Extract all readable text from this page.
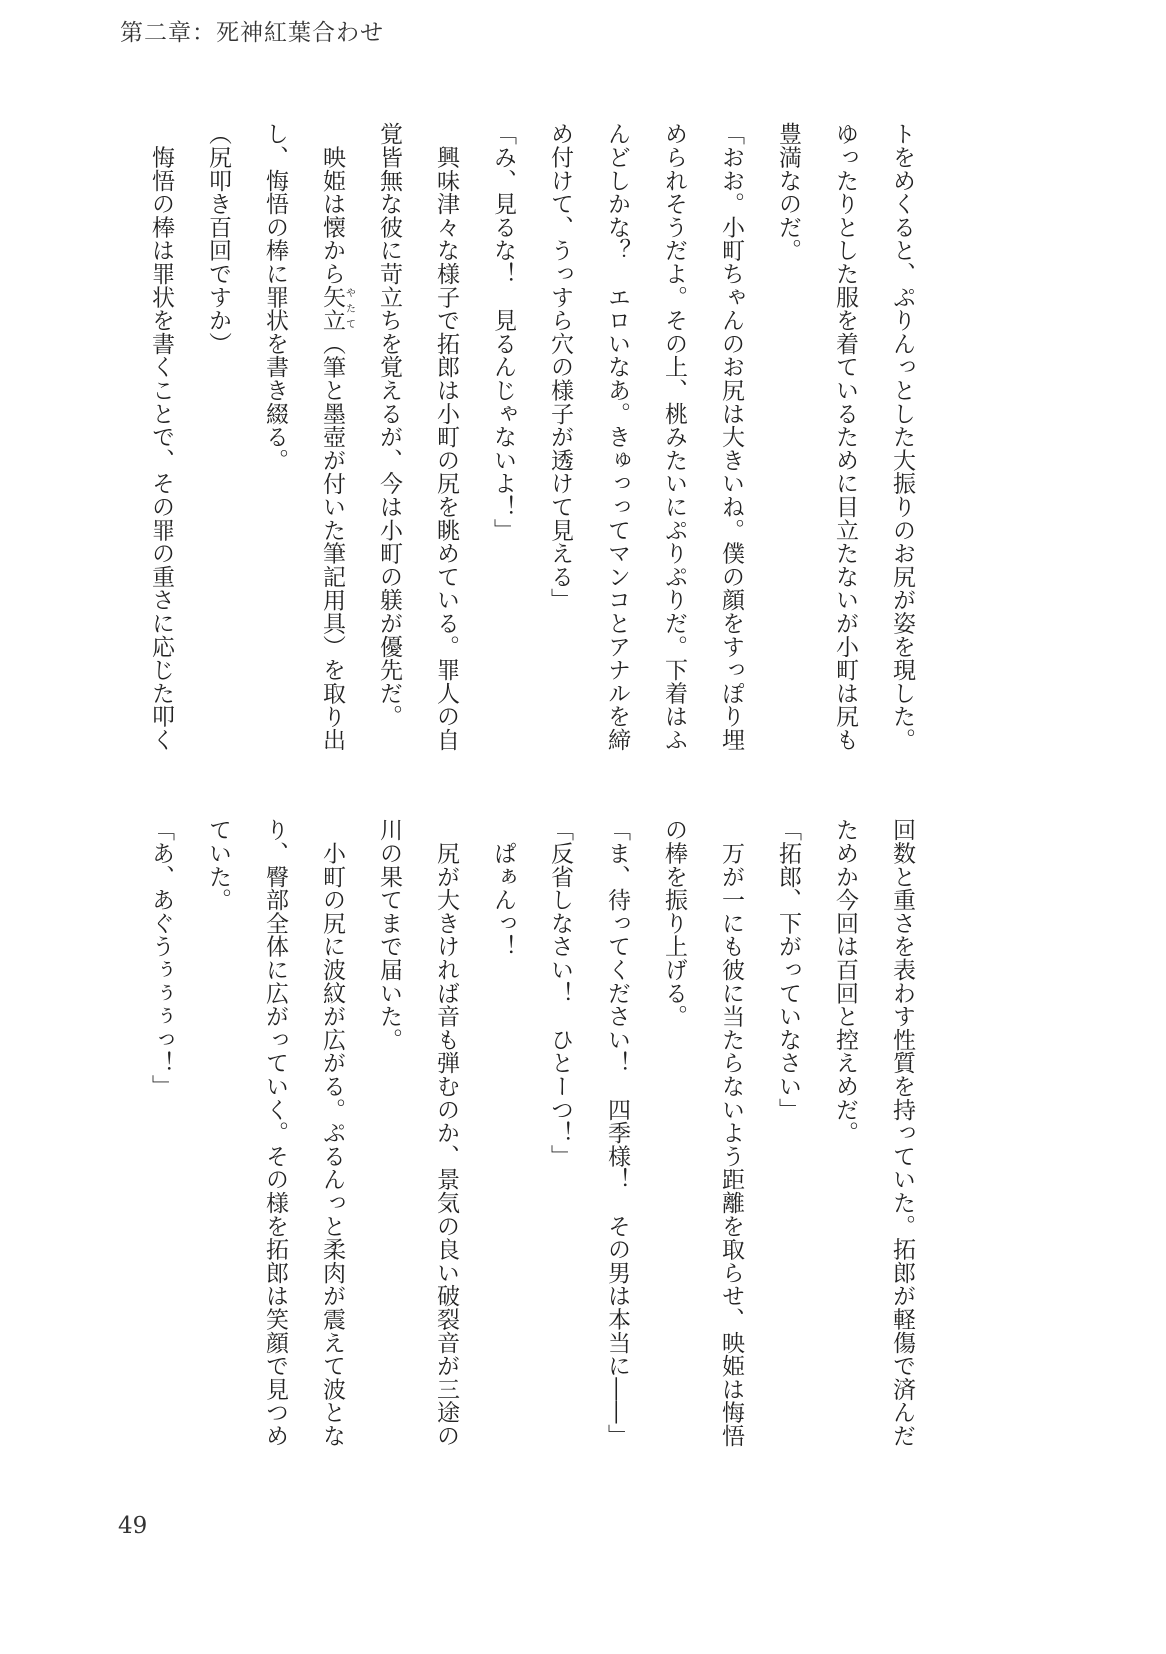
第二章：死神紅葉合わせ
トをめくると、ぷりんっとした大振りのお尻が姿を現した。
ゆったりとした服を着ているために目立たないが小町は尻も
豊満なのだ。
「おお。小町ちゃんのお尻は大きいね。僕の顔をすっぽり埋
められそうだよ。その上、桃みたいにぷりぷりだ。下着はふ
んどしかな？　エロいなあ。きゅっってマンコとアナルを締
め付けて、うっすら穴の様子が透けて見える」
「み、見るな！　見るんじゃないよ！」
　興味津々な様子で拓郎は小町の尻を眺めている。罪人の自
覚皆無な彼に苛立ちを覚えるが、今は小町の躾が優先だ。
　映姫は懐から矢立やたて（筆と墨壺が付いた筆記用具）を取り出
し、悔悟の棒に罪状を書き綴る。
（尻叩き百回ですか）
　悔悟の棒は罪状を書くことで、その罪の重さに応じた叩く
回数と重さを表わす性質を持っていた。拓郎が軽傷で済んだ
ためか今回は百回と控えめだ。
「拓郎、下がっていなさい」
　万が一にも彼に当たらないよう距離を取らせ、映姫は悔悟
の棒を振り上げる。
「ま、待ってください！　四季様！　その男は本当に――」
「反省しなさい！　ひとーつ！」
　ぱぁんっ！
　尻が大きければ音も弾むのか、景気の良い破裂音が三途の
川の果てまで届いた。
　小町の尻に波紋が広がる。ぷるんっと柔肉が震えて波とな
り、臀部全体に広がっていく。その様を拓郎は笑顔で見つめ
ていた。
「あ、あぐうぅぅぅっ！」
49
